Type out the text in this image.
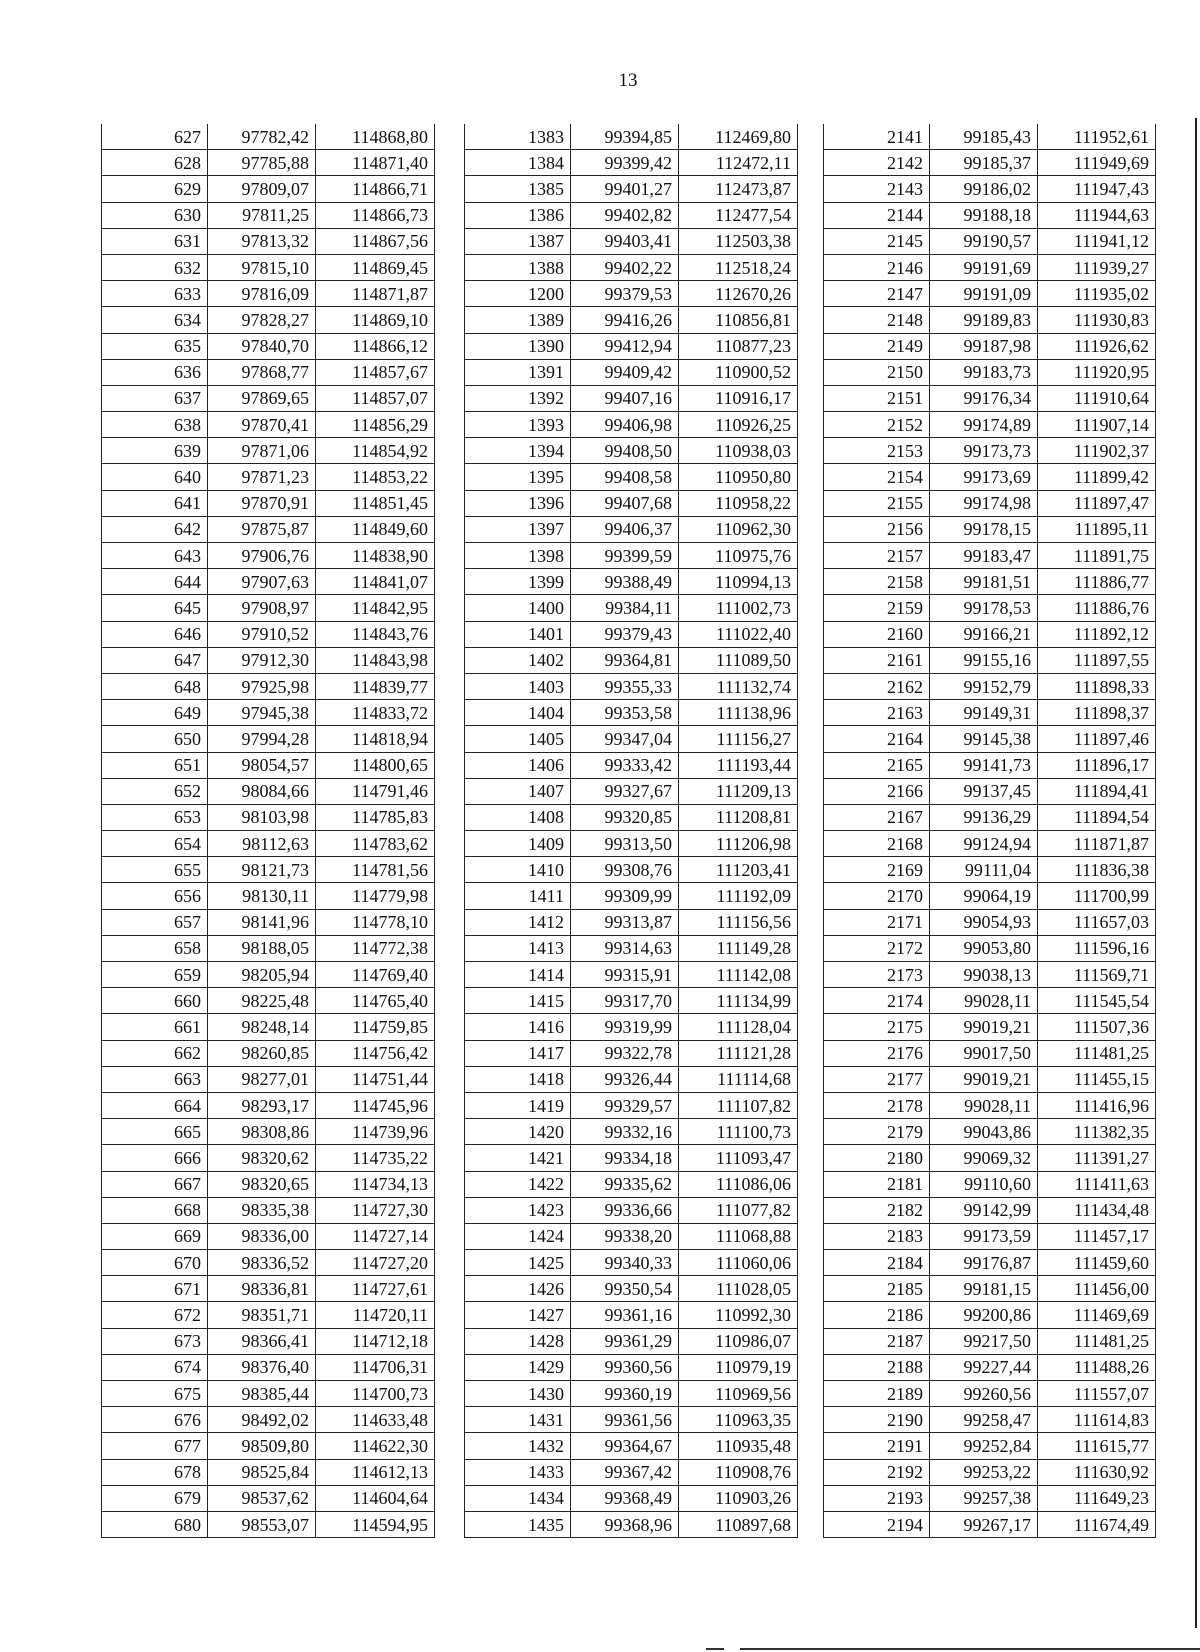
13
627	97782,42	114868,80
628	97785,88	114871,40
629	97809,07	114866,71
630	97811,25	114866,73
631	97813,32	114867,56
632	97815,10	114869,45
633	97816,09	114871,87
634	97828,27	114869,10
635	97840,70	114866,12
636	97868,77	114857,67
637	97869,65	114857,07
638	97870,41	114856,29
639	97871,06	114854,92
640	97871,23	114853,22
641	97870,91	114851,45
642	97875,87	114849,60
643	97906,76	114838,90
644	97907,63	114841,07
645	97908,97	114842,95
646	97910,52	114843,76
647	97912,30	114843,98
648	97925,98	114839,77
649	97945,38	114833,72
650	97994,28	114818,94
651	98054,57	114800,65
652	98084,66	114791,46
653	98103,98	114785,83
654	98112,63	114783,62
655	98121,73	114781,56
656	98130,11	114779,98
657	98141,96	114778,10
658	98188,05	114772,38
659	98205,94	114769,40
660	98225,48	114765,40
661	98248,14	114759,85
662	98260,85	114756,42
663	98277,01	114751,44
664	98293,17	114745,96
665	98308,86	114739,96
666	98320,62	114735,22
667	98320,65	114734,13
668	98335,38	114727,30
669	98336,00	114727,14
670	98336,52	114727,20
671	98336,81	114727,61
672	98351,71	114720,11
673	98366,41	114712,18
674	98376,40	114706,31
675	98385,44	114700,73
676	98492,02	114633,48
677	98509,80	114622,30
678	98525,84	114612,13
679	98537,62	114604,64
680	98553,07	114594,95
1383	99394,85	112469,80
1384	99399,42	112472,11
1385	99401,27	112473,87
1386	99402,82	112477,54
1387	99403,41	112503,38
1388	99402,22	112518,24
1200	99379,53	112670,26
1389	99416,26	110856,81
1390	99412,94	110877,23
1391	99409,42	110900,52
1392	99407,16	110916,17
1393	99406,98	110926,25
1394	99408,50	110938,03
1395	99408,58	110950,80
1396	99407,68	110958,22
1397	99406,37	110962,30
1398	99399,59	110975,76
1399	99388,49	110994,13
1400	99384,11	111002,73
1401	99379,43	111022,40
1402	99364,81	111089,50
1403	99355,33	111132,74
1404	99353,58	111138,96
1405	99347,04	111156,27
1406	99333,42	111193,44
1407	99327,67	111209,13
1408	99320,85	111208,81
1409	99313,50	111206,98
1410	99308,76	111203,41
1411	99309,99	111192,09
1412	99313,87	111156,56
1413	99314,63	111149,28
1414	99315,91	111142,08
1415	99317,70	111134,99
1416	99319,99	111128,04
1417	99322,78	111121,28
1418	99326,44	111114,68
1419	99329,57	111107,82
1420	99332,16	111100,73
1421	99334,18	111093,47
1422	99335,62	111086,06
1423	99336,66	111077,82
1424	99338,20	111068,88
1425	99340,33	111060,06
1426	99350,54	111028,05
1427	99361,16	110992,30
1428	99361,29	110986,07
1429	99360,56	110979,19
1430	99360,19	110969,56
1431	99361,56	110963,35
1432	99364,67	110935,48
1433	99367,42	110908,76
1434	99368,49	110903,26
1435	99368,96	110897,68
2141	99185,43	111952,61
2142	99185,37	111949,69
2143	99186,02	111947,43
2144	99188,18	111944,63
2145	99190,57	111941,12
2146	99191,69	111939,27
2147	99191,09	111935,02
2148	99189,83	111930,83
2149	99187,98	111926,62
2150	99183,73	111920,95
2151	99176,34	111910,64
2152	99174,89	111907,14
2153	99173,73	111902,37
2154	99173,69	111899,42
2155	99174,98	111897,47
2156	99178,15	111895,11
2157	99183,47	111891,75
2158	99181,51	111886,77
2159	99178,53	111886,76
2160	99166,21	111892,12
2161	99155,16	111897,55
2162	99152,79	111898,33
2163	99149,31	111898,37
2164	99145,38	111897,46
2165	99141,73	111896,17
2166	99137,45	111894,41
2167	99136,29	111894,54
2168	99124,94	111871,87
2169	99111,04	111836,38
2170	99064,19	111700,99
2171	99054,93	111657,03
2172	99053,80	111596,16
2173	99038,13	111569,71
2174	99028,11	111545,54
2175	99019,21	111507,36
2176	99017,50	111481,25
2177	99019,21	111455,15
2178	99028,11	111416,96
2179	99043,86	111382,35
2180	99069,32	111391,27
2181	99110,60	111411,63
2182	99142,99	111434,48
2183	99173,59	111457,17
2184	99176,87	111459,60
2185	99181,15	111456,00
2186	99200,86	111469,69
2187	99217,50	111481,25
2188	99227,44	111488,26
2189	99260,56	111557,07
2190	99258,47	111614,83
2191	99252,84	111615,77
2192	99253,22	111630,92
2193	99257,38	111649,23
2194	99267,17	111674,49
